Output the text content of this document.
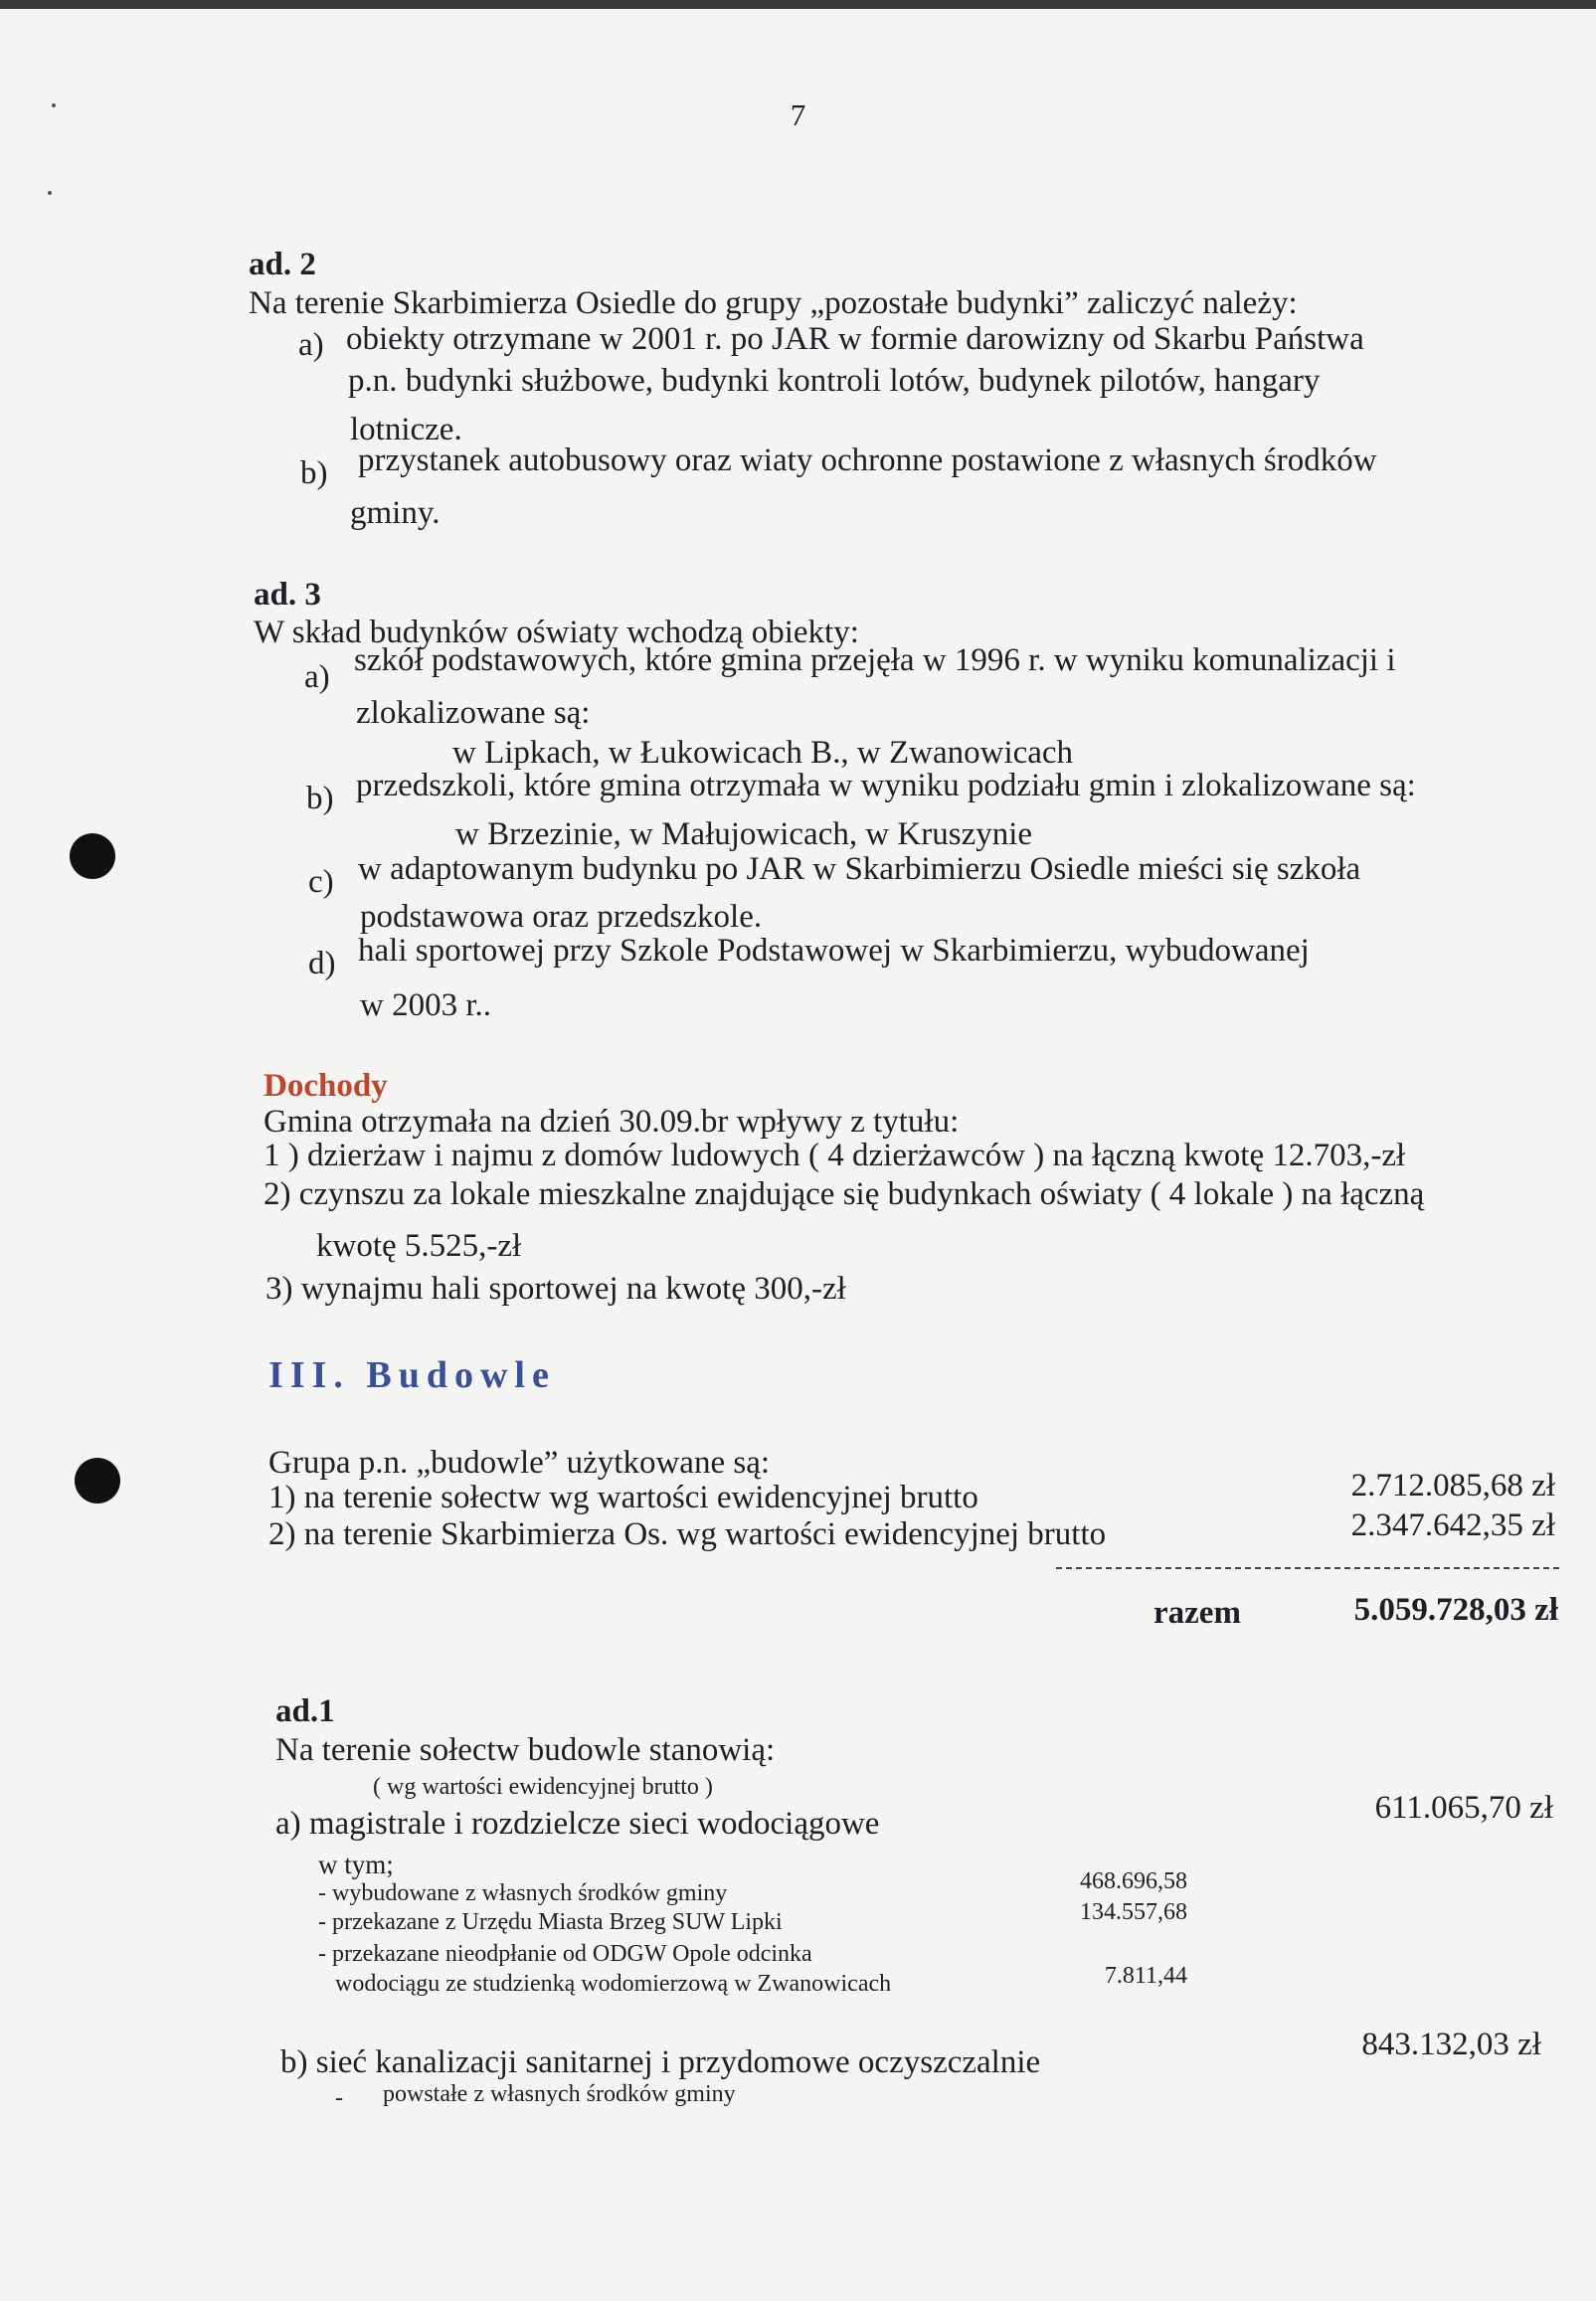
7
ad. 2
Na terenie Skarbimierza Osiedle do grupy „pozostałe budynki” zaliczyć należy:
a) obiekty otrzymane w 2001 r. po JAR w formie darowizny od Skarbu Państwa
p.n. budynki służbowe, budynki kontroli lotów, budynek pilotów, hangary
lotnicze.
b) przystanek autobusowy oraz wiaty ochronne postawione z własnych środków
gminy.
ad. 3
W skład budynków oświaty wchodzą obiekty:
a) szkół podstawowych, które gmina przejęła w 1996 r. w wyniku komunalizacji i
zlokalizowane są:
w Lipkach, w Łukowicach B., w Zwanowicach
b) przedszkoli, które gmina otrzymała w wyniku podziału gmin i zlokalizowane są:
w Brzezinie, w Małujowicach, w Kruszynie
c) w adaptowanym budynku po JAR w Skarbimierzu Osiedle mieści się szkoła
podstawowa oraz przedszkole.
d) hali sportowej przy Szkole Podstawowej w Skarbimierzu, wybudowanej
w 2003 r..
Dochody
Gmina otrzymała na dzień 30.09.br wpływy z tytułu:
1 ) dzierżaw i najmu z domów ludowych ( 4 dzierżawców ) na łączną kwotę 12.703,-zł
2) czynszu za lokale mieszkalne znajdujące się budynkach oświaty ( 4 lokale ) na łączną
kwotę 5.525,-zł
3) wynajmu hali sportowej na kwotę 300,-zł
III. Budowle
Grupa p.n. „budowle” użytkowane są:
1) na terenie sołectw wg wartości ewidencyjnej brutto	2.712.085,68 zł
2) na terenie Skarbimierza Os. wg wartości ewidencyjnej brutto	2.347.642,35 zł
razem	5.059.728,03 zł
ad.1
Na terenie sołectw budowle stanowią:
( wg wartości ewidencyjnej brutto )
a) magistrale i rozdzielcze sieci wodociągowe	611.065,70 zł
w tym;
- wybudowane z własnych środków gminy	468.696,58
- przekazane z Urzędu Miasta Brzeg SUW Lipki	134.557,68
- przekazane nieodpłanie od ODGW Opole odcinka
wodociągu ze studzienką wodomierzową w Zwanowicach	7.811,44
b) sieć kanalizacji sanitarnej i przydomowe oczyszczalnie	843.132,03 zł
- powstałe z własnych środków gminy
